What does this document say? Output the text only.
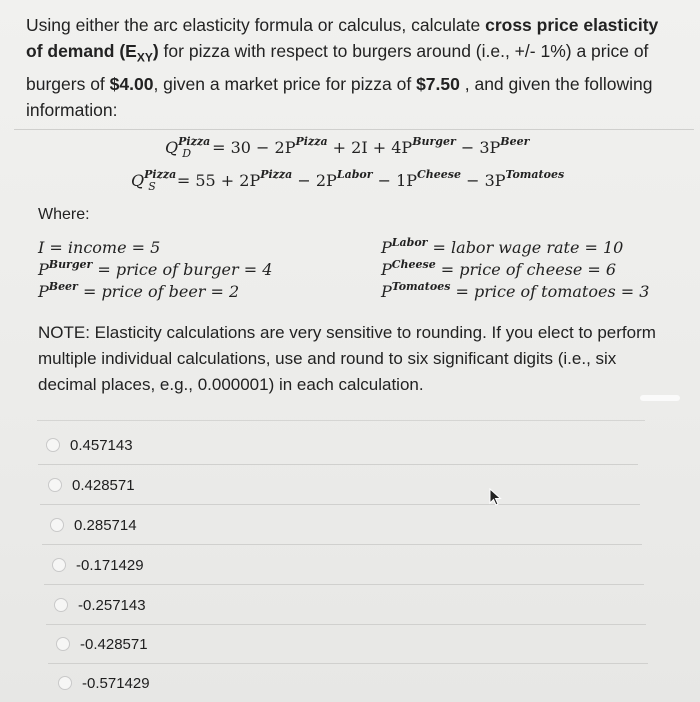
Using either the arc elasticity formula or calculus, calculate cross price elasticity of demand $(E_{XY})$ for pizza with respect to burgers around (i.e., +/- 1%) a price of burgers of $4.00, given a market price for pizza of $7.50 , and given the following information:
$Q^{Pizza}_D = 30 - 2P^{Pizza} + 2I + 4P^{Burger} - 3P^{Beer}$
$Q^{Pizza}_S = 55 + 2P^{Pizza} - 2P^{Labor} - 1P^{Cheese} - 3P^{Tomatoes}$
Where:
I = income = 5
$P^{Burger}$ = price of burger = 4
$P^{Beer}$ = price of beer = 2
$P^{Labor}$ = labor wage rate = 10
$P^{Cheese}$ = price of cheese = 6
$P^{Tomatoes}$ = price of tomatoes = 3
NOTE: Elasticity calculations are very sensitive to rounding. If you elect to perform multiple individual calculations, use and round to six significant digits (i.e., six decimal places, e.g., 0.000001) in each calculation.
0.457143
0.428571
0.285714
-0.171429
-0.257143
-0.428571
-0.571429
